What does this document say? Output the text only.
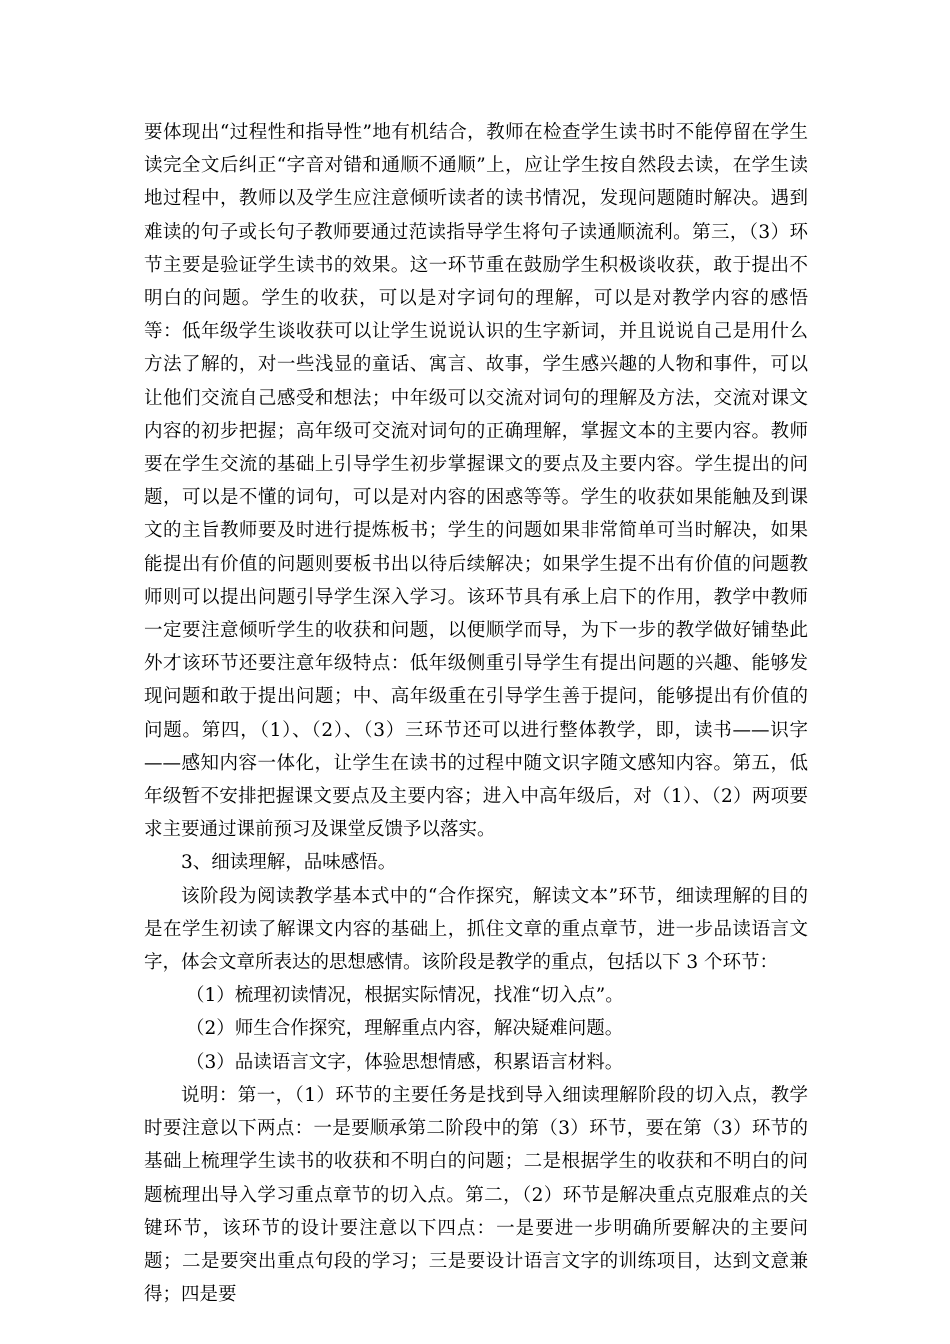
要体现出“过程性和指导性”地有机结合，教师在检查学生读书时不能停留在学生读完全文后纠正“字音对错和通顺不通顺”上，应让学生按自然段去读，在学生读地过程中，教师以及学生应注意倾听读者的读书情况，发现问题随时解决。遇到难读的句子或长句子教师要通过范读指导学生将句子读通顺流利。第三，（3）环节主要是验证学生读书的效果。这一环节重在鼓励学生积极谈收获，敢于提出不明白的问题。学生的收获，可以是对字词句的理解，可以是对教学内容的感悟等：低年级学生谈收获可以让学生说说认识的生字新词，并且说说自己是用什么方法了解的，对一些浅显的童话、寓言、故事，学生感兴趣的人物和事件，可以让他们交流自己感受和想法；中年级可以交流对词句的理解及方法，交流对课文内容的初步把握；高年级可交流对词句的正确理解，掌握文本的主要内容。教师要在学生交流的基础上引导学生初步掌握课文的要点及主要内容。学生提出的问题，可以是不懂的词句，可以是对内容的困惑等等。学生的收获如果能触及到课文的主旨教师要及时进行提炼板书；学生的问题如果非常简单可当时解决，如果能提出有价值的问题则要板书出以待后续解决；如果学生提不出有价值的问题教师则可以提出问题引导学生深入学习。该环节具有承上启下的作用，教学中教师一定要注意倾听学生的收获和问题，以便顺学而导，为下一步的教学做好铺垫此外才该环节还要注意年级特点：低年级侧重引导学生有提出问题的兴趣、能够发现问题和敢于提出问题；中、高年级重在引导学生善于提问，能够提出有价值的问题。第四，（1）、（2）、（3）三环节还可以进行整体教学，即，读书——识字——感知内容一体化，让学生在读书的过程中随文识字随文感知内容。第五，低年级暂不安排把握课文要点及主要内容；进入中高年级后，对（1）、（2）两项要求主要通过课前预习及课堂反馈予以落实。

3、细读理解，品味感悟。

该阶段为阅读教学基本式中的“合作探究，解读文本”环节，细读理解的目的是在学生初读了解课文内容的基础上，抓住文章的重点章节，进一步品读语言文字，体会文章所表达的思想感情。该阶段是教学的重点，包括以下 3 个环节：

（1）梳理初读情况，根据实际情况，找准“切入点”。

（2）师生合作探究，理解重点内容，解决疑难问题。

（3）品读语言文字，体验思想情感，积累语言材料。

说明：第一，（1）环节的主要任务是找到导入细读理解阶段的切入点，教学时要注意以下两点：一是要顺承第二阶段中的第（3）环节，要在第（3）环节的基础上梳理学生读书的收获和不明白的问题；二是根据学生的收获和不明白的问题梳理出导入学习重点章节的切入点。第二，（2）环节是解决重点克服难点的关键环节，该环节的设计要注意以下四点：一是要进一步明确所要解决的主要问题；二是要突出重点句段的学习；三是要设计语言文字的训练项目，达到文意兼得；四是要
